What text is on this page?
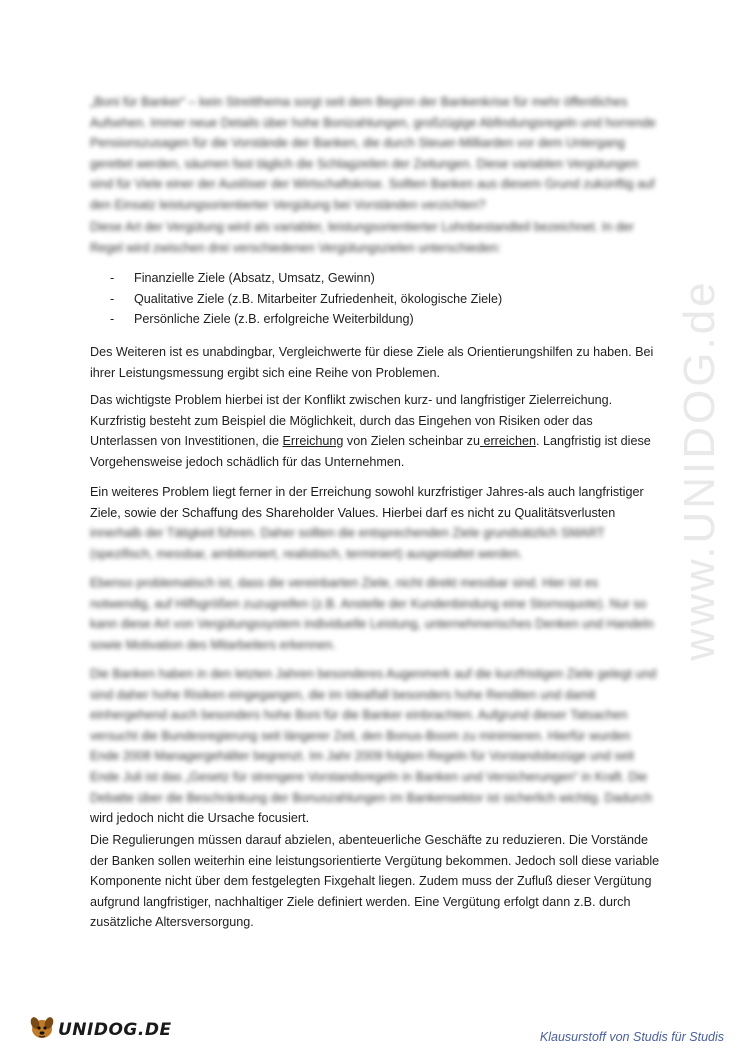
www.UNIDOG.de

„Boni für Banker“ – kein Streitthema sorgt seit dem Beginn der Bankenkrise für mehr öffentliches Aufsehen. Immer neue Details über hohe Bonizahlungen, großzügige Abfindungsregeln und horrende Pensionszusagen für die Vorstände der Banken, die durch Steuer-Milliarden vor dem Untergang gerettet werden, säumen fast täglich die Schlagzeilen der Zeitungen. Diese variablen Vergütungen sind für Viele einer der Auslöser der Wirtschaftskrise. Sollten Banken aus diesem Grund zukünftig auf den Einsatz leistungsorientierter Vergütung bei Vorständen verzichten?

Diese Art der Vergütung wird als variabler, leistungsorientierter Lohnbestandteil bezeichnet. In der Regel wird zwischen drei verschiedenen Vergütungszielen unterschieden:

-	Finanzielle Ziele (Absatz, Umsatz, Gewinn)
-	Qualitative Ziele (z.B. Mitarbeiter Zufriedenheit, ökologische Ziele)
-	Persönliche Ziele (z.B. erfolgreiche Weiterbildung)

Des Weiteren ist es unabdingbar, Vergleichwerte für diese Ziele als Orientierungshilfen zu haben. Bei ihrer Leistungsmessung ergibt sich eine Reihe von Problemen.

Das wichtigste Problem hierbei ist der Konflikt zwischen kurz- und langfristiger Zielerreichung. Kurzfristig besteht zum Beispiel die Möglichkeit, durch das Eingehen von Risiken oder das Unterlassen von Investitionen, die Erreichung von Zielen scheinbar zu erreichen. Langfristig ist diese Vorgehensweise jedoch schädlich für das Unternehmen.

Ein weiteres Problem liegt ferner in der Erreichung sowohl kurzfristiger Jahres-als auch langfristiger Ziele, sowie der Schaffung des Shareholder Values. Hierbei darf es nicht zu Qualitätsverlusten innerhalb der Tätigkeit führen. Daher sollten die entsprechenden Ziele grundsätzlich SMART (spezifisch, messbar, ambitioniert, realistisch, terminiert) ausgestaltet werden.

Ebenso problematisch ist, dass die vereinbarten Ziele, nicht direkt messbar sind. Hier ist es notwendig, auf Hilfsgrößen zuzugreifen (z.B. Anstelle der Kundenbindung eine Stornoquote). Nur so kann diese Art von Vergütungssystem individuelle Leistung, unternehmerisches Denken und Handeln sowie Motivation des Mitarbeiters erkennen.

Die Banken haben in den letzten Jahren besonderes Augenmerk auf die kurzfristigen Ziele gelegt und sind daher hohe Risiken eingegangen, die im Idealfall besonders hohe Renditen und damit einhergehend auch besonders hohe Boni für die Banker einbrachten. Aufgrund dieser Tatsachen versucht die Bundesregierung seit längerer Zeit, den Bonus-Boom zu minimieren. Hierfür wurden Ende 2008 Managergehälter begrenzt. Im Jahr 2009 folgten Regeln für Vorstandsbezüge und seit Ende Juli ist das „Gesetz für strengere Vorstandsregeln in Banken und Versicherungen“ in Kraft. Die Debatte über die Beschränkung der Bonuszahlungen im Bankensektor ist sicherlich wichtig. Dadurch wird jedoch nicht die Ursache focusiert.

Die Regulierungen müssen darauf abzielen, abenteuerliche Geschäfte zu reduzieren. Die Vorstände der Banken sollen weiterhin eine leistungsorientierte Vergütung bekommen. Jedoch soll diese variable Komponente nicht über dem festgelegten Fixgehalt liegen. Zudem muss der Zufluß dieser Vergütung aufgrund langfristiger, nachhaltiger Ziele definiert werden. Eine Vergütung erfolgt dann z.B. durch zusätzliche Altersversorgung.

UNIDOG.DE	Klausurstoff von Studis für Studis
